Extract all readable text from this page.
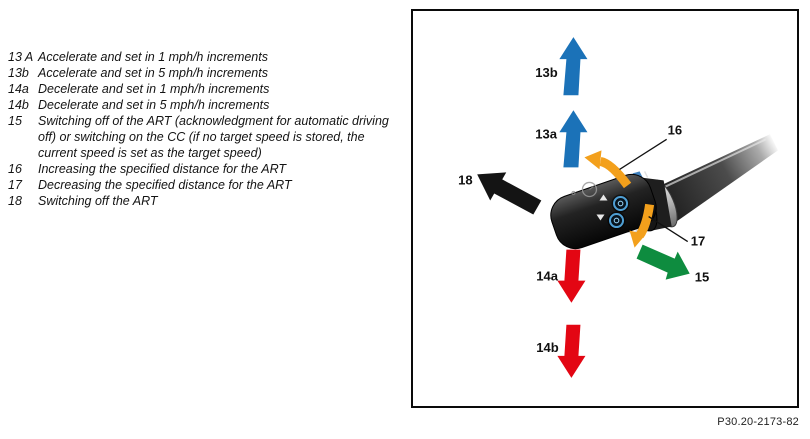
13 A Accelerate and set in 1 mph/h increments
13b Accelerate and set in 5 mph/h increments
14a Decelerate and set in 1 mph/h increments
14b Decelerate and set in 5 mph/h increments
15	Switching off of the ART (acknowledgment for automatic driving off) or switching on the CC (if no target speed is stored, the current speed is set as the target speed)
16	Increasing the specified distance for the ART
17	Decreasing the specified distance for the ART
18	Switching off the ART
13b
13a	16
18
17
15
14a
14b
P30.20-2173-82
